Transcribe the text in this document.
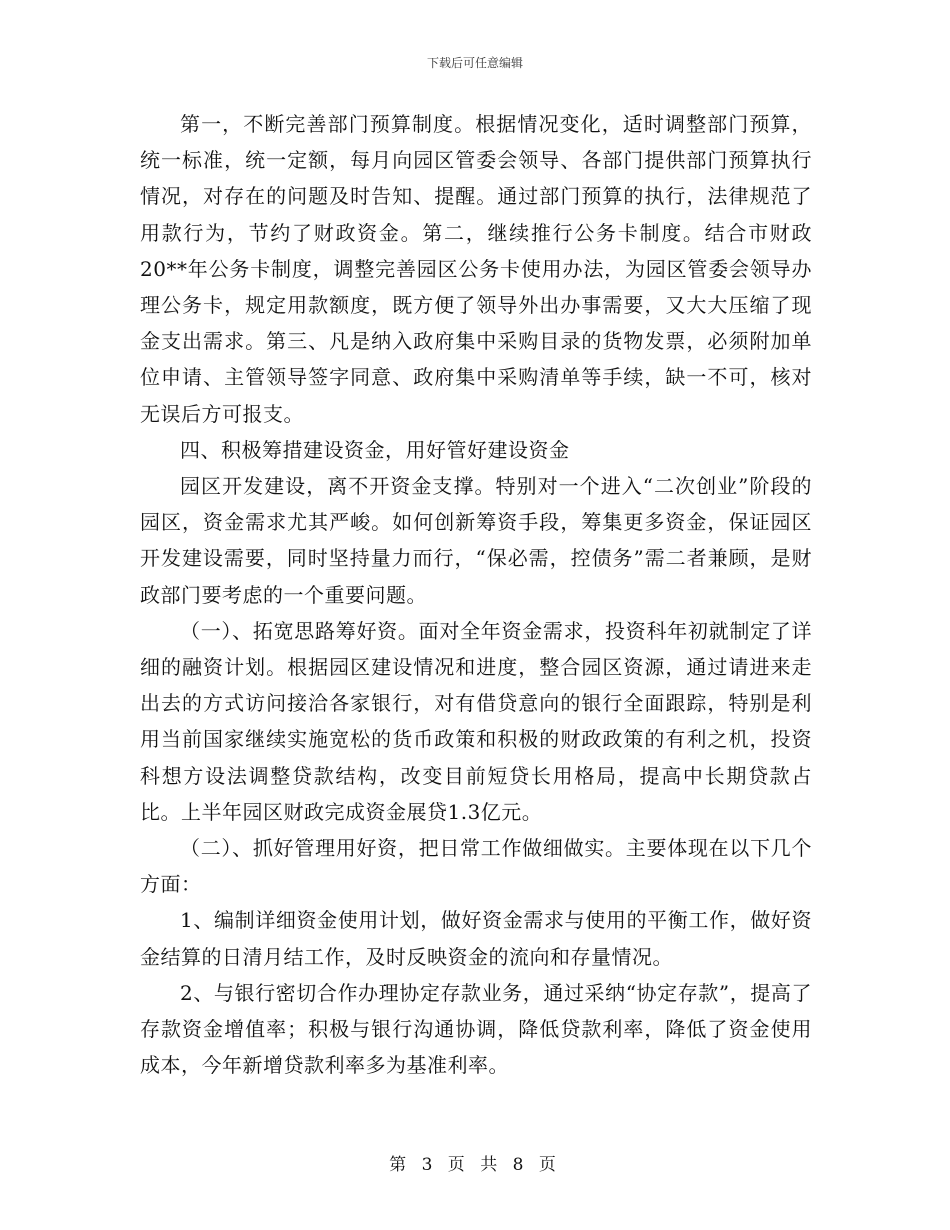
下载后可任意编辑

第一，不断完善部门预算制度。根据情况变化，适时调整部门预算，统一标准，统一定额，每月向园区管委会领导、各部门提供部门预算执行情况，对存在的问题及时告知、提醒。通过部门预算的执行，法律规范了用款行为，节约了财政资金。第二，继续推行公务卡制度。结合市财政20**年公务卡制度，调整完善园区公务卡使用办法，为园区管委会领导办理公务卡，规定用款额度，既方便了领导外出办事需要，又大大压缩了现金支出需求。第三、凡是纳入政府集中采购目录的货物发票，必须附加单位申请、主管领导签字同意、政府集中采购清单等手续，缺一不可，核对无误后方可报支。

四、积极筹措建设资金，用好管好建设资金

园区开发建设，离不开资金支撑。特别对一个进入“二次创业”阶段的园区，资金需求尤其严峻。如何创新筹资手段，筹集更多资金，保证园区开发建设需要，同时坚持量力而行，“保必需，控债务”需二者兼顾，是财政部门要考虑的一个重要问题。

（一）、拓宽思路筹好资。面对全年资金需求，投资科年初就制定了详细的融资计划。根据园区建设情况和进度，整合园区资源，通过请进来走出去的方式访问接洽各家银行，对有借贷意向的银行全面跟踪，特别是利用当前国家继续实施宽松的货币政策和积极的财政政策的有利之机，投资科想方设法调整贷款结构，改变目前短贷长用格局，提高中长期贷款占比。上半年园区财政完成资金展贷1.3亿元。

（二）、抓好管理用好资，把日常工作做细做实。主要体现在以下几个方面：

1、编制详细资金使用计划，做好资金需求与使用的平衡工作，做好资金结算的日清月结工作，及时反映资金的流向和存量情况。

2、与银行密切合作办理协定存款业务，通过采纳“协定存款”，提高了存款资金增值率；积极与银行沟通协调，降低贷款利率，降低了资金使用成本，今年新增贷款利率多为基准利率。

第 3 页 共 8 页
